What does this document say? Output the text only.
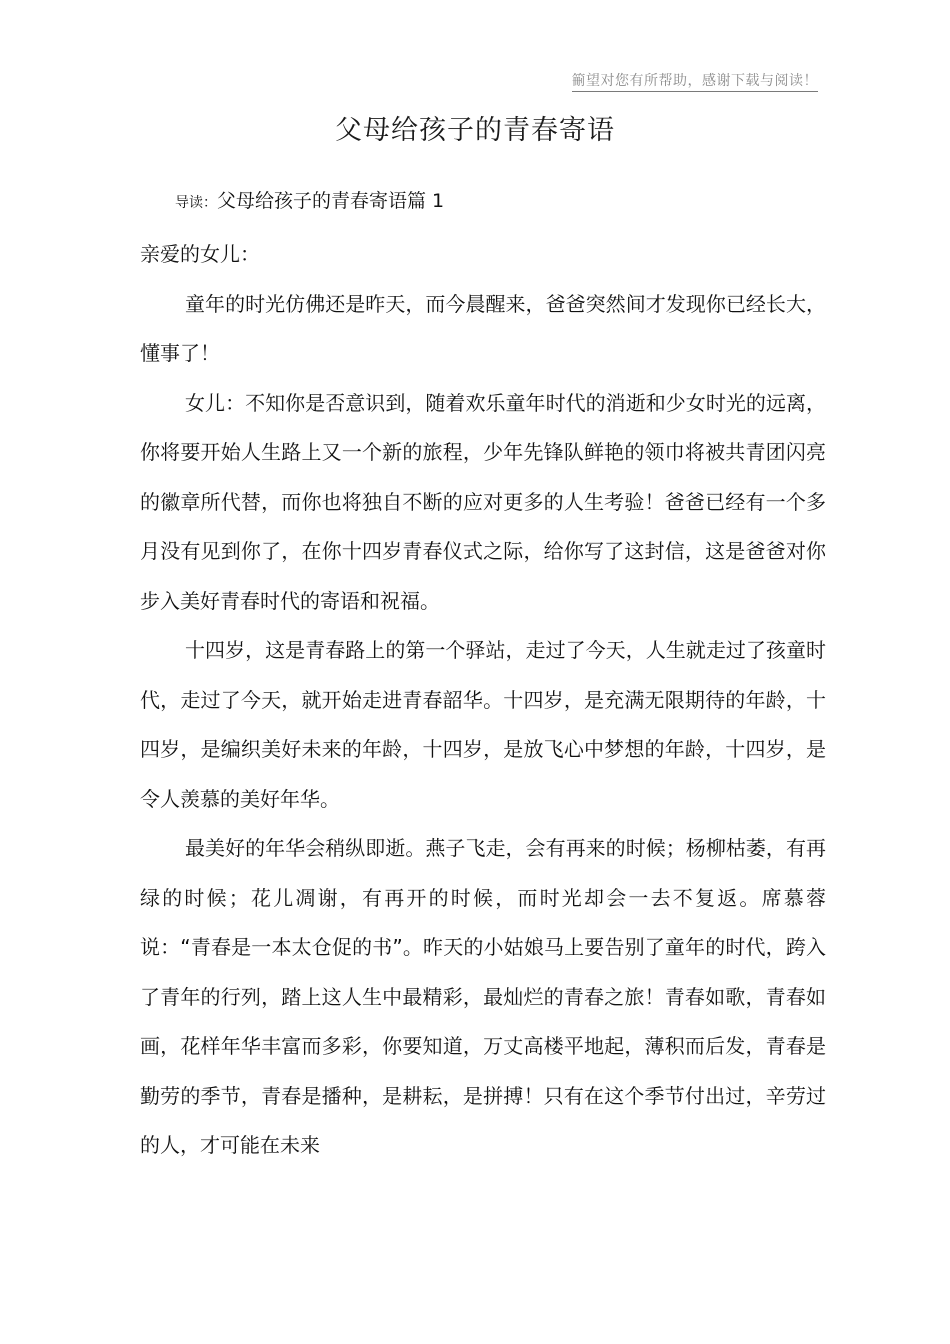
䈀望对您有所帮助，感谢下载与阅读！
父母给孩子的青春寄语
导读：父母给孩子的青春寄语篇 1

亲爱的女儿：

童年的时光仿佛还是昨天，而今晨醒来，爸爸突然间才发现你已经长大，懂事了！

女儿：不知你是否意识到，随着欢乐童年时代的消逝和少女时光的远离，你将要开始人生路上又一个新的旅程，少年先锋队鲜艳的领巾将被共青团闪亮的徽章所代替，而你也将独自不断的应对更多的人生考验！爸爸已经有一个多月没有见到你了，在你十四岁青春仪式之际，给你写了这封信，这是爸爸对你步入美好青春时代的寄语和祝福。

十四岁，这是青春路上的第一个驿站，走过了今天，人生就走过了孩童时代，走过了今天，就开始走进青春韶华。十四岁，是充满无限期待的年龄，十四岁，是编织美好未来的年龄，十四岁，是放飞心中梦想的年龄，十四岁，是令人羡慕的美好年华。

最美好的年华会稍纵即逝。燕子飞走，会有再来的时候；杨柳枯萎，有再绿的时候；花儿凋谢，有再开的时候，而时光却会一去不复返。席慕蓉说：“青春是一本太仓促的书”。昨天的小姑娘马上要告别了童年的时代，跨入了青年的行列，踏上这人生中最精彩，最灿烂的青春之旅！青春如歌，青春如画，花样年华丰富而多彩，你要知道，万丈高楼平地起，薄积而后发，青春是勤劳的季节，青春是播种，是耕耘，是拼搏！只有在这个季节付出过，辛劳过的人，才可能在未来
